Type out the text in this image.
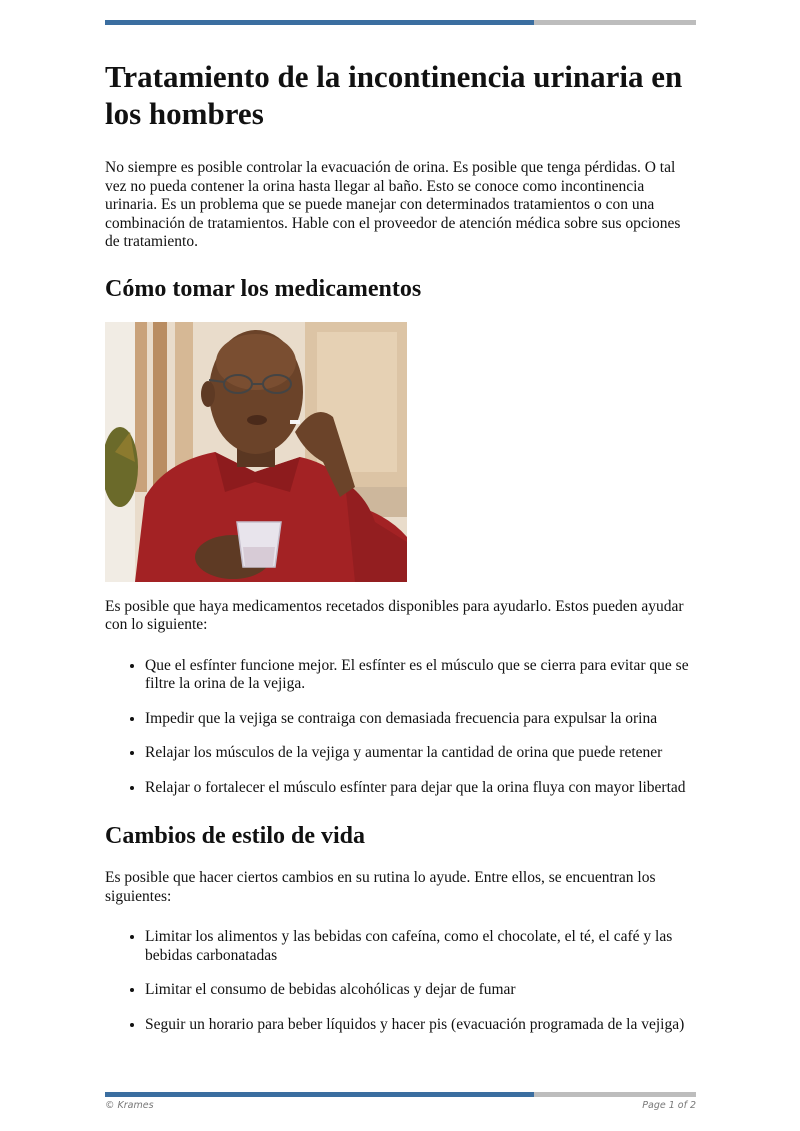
Tratamiento de la incontinencia urinaria en los hombres

No siempre es posible controlar la evacuación de orina. Es posible que tenga pérdidas. O tal vez no pueda contener la orina hasta llegar al baño. Esto se conoce como incontinencia urinaria. Es un problema que se puede manejar con determinados tratamientos o con una combinación de tratamientos. Hable con el proveedor de atención médica sobre sus opciones de tratamiento.

Cómo tomar los medicamentos

Es posible que haya medicamentos recetados disponibles para ayudarlo. Estos pueden ayudar con lo siguiente:

• Que el esfínter funcione mejor. El esfínter es el músculo que se cierra para evitar que se filtre la orina de la vejiga.
• Impedir que la vejiga se contraiga con demasiada frecuencia para expulsar la orina
• Relajar los músculos de la vejiga y aumentar la cantidad de orina que puede retener
• Relajar o fortalecer el músculo esfínter para dejar que la orina fluya con mayor libertad
Cambios de estilo de vida

Es posible que hacer ciertos cambios en su rutina lo ayude. Entre ellos, se encuentran los siguientes:

• Limitar los alimentos y las bebidas con cafeína, como el chocolate, el té, el café y las bebidas carbonatadas
• Limitar el consumo de bebidas alcohólicas y dejar de fumar
• Seguir un horario para beber líquidos y hacer pis (evacuación programada de la vejiga)
© Krames	Page 1 of 2
